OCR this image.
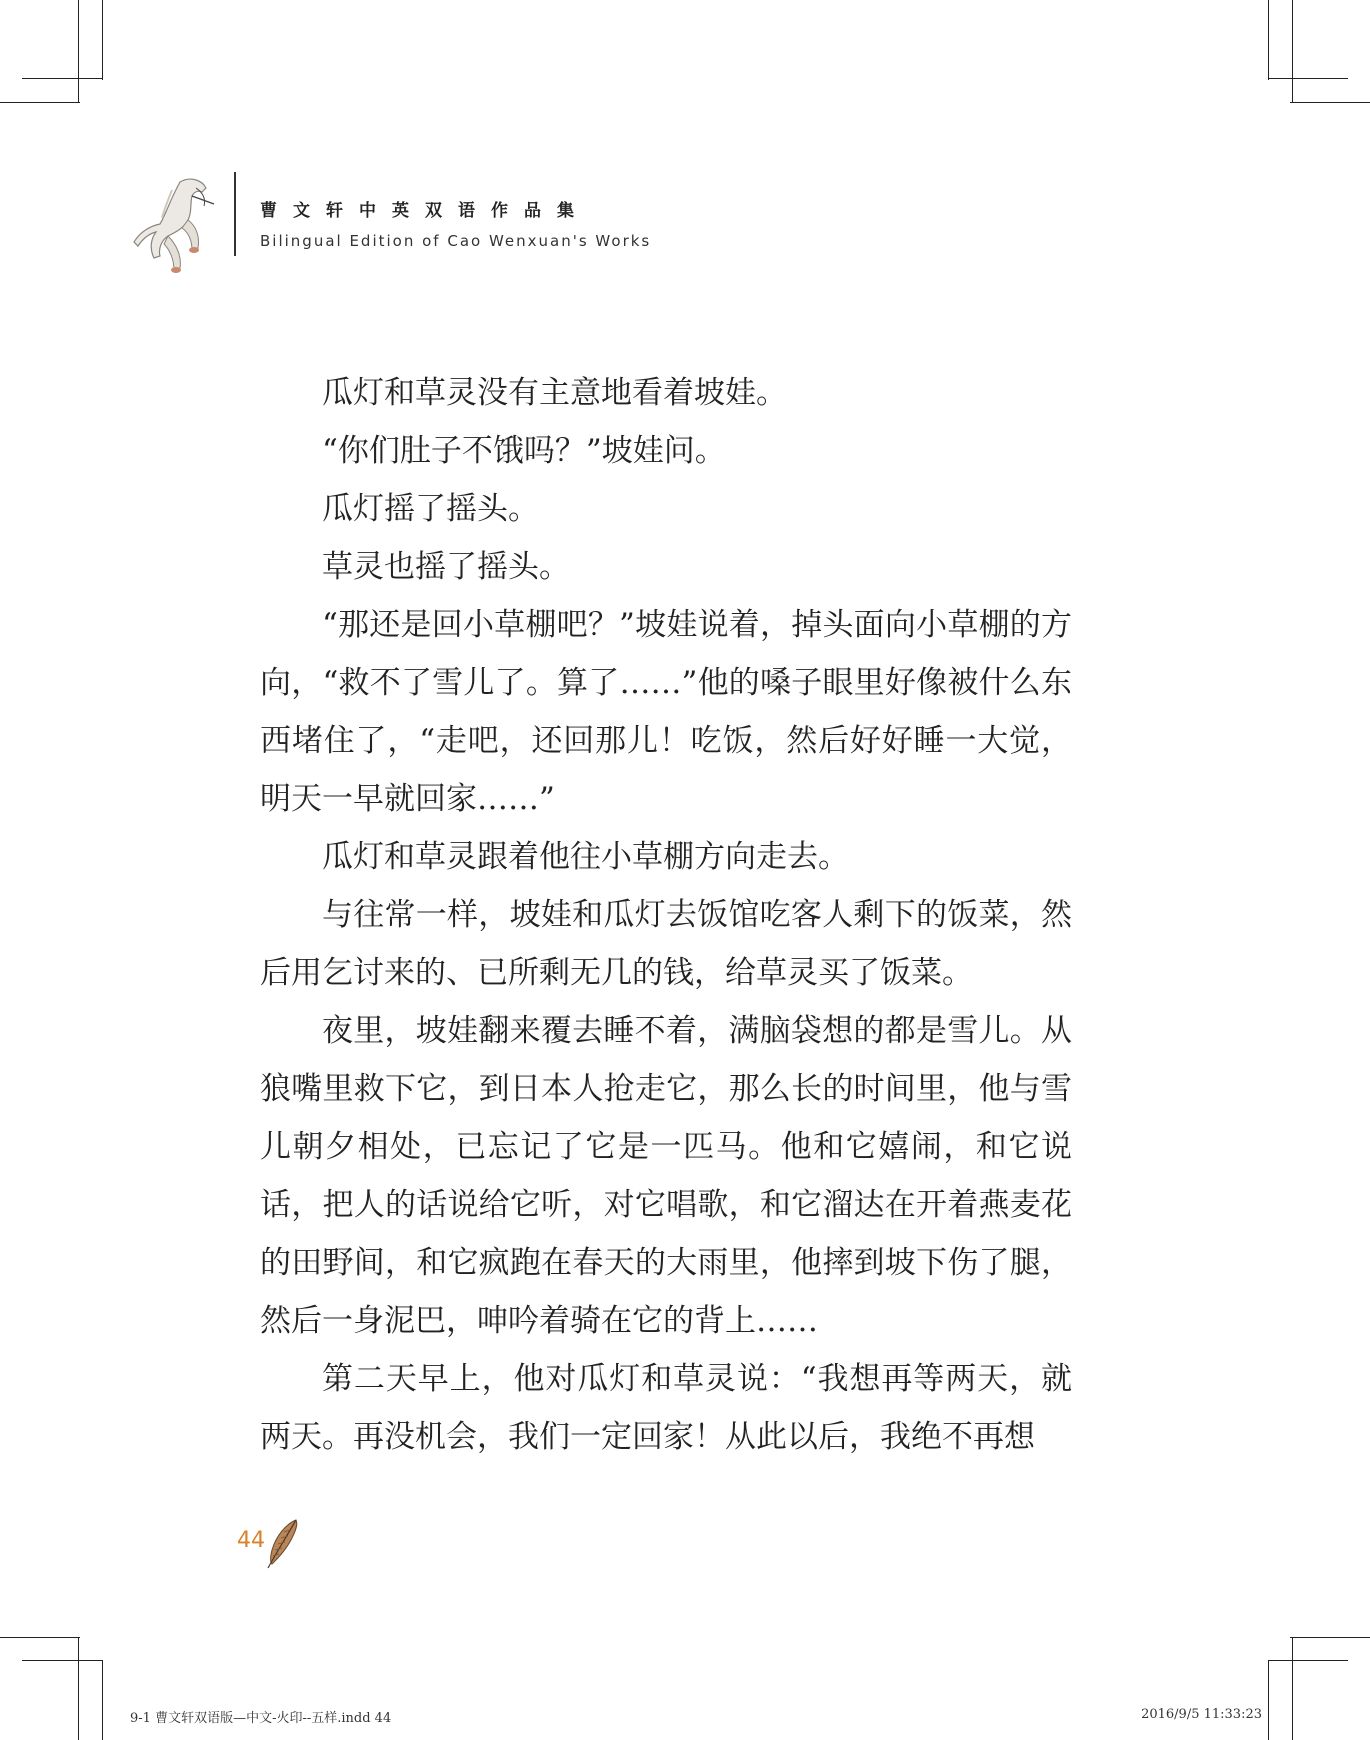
曹文轩中英双语作品集
Bilingual Edition of Cao Wenxuan's Works

瓜灯和草灵没有主意地看着坡娃。

“你们肚子不饿吗？”坡娃问。

瓜灯摇了摇头。

草灵也摇了摇头。

“那还是回小草棚吧？”坡娃说着，掉头面向小草棚的方向，“救不了雪儿了。算了……”他的嗓子眼里好像被什么东西堵住了，“走吧，还回那儿！吃饭，然后好好睡一大觉，明天一早就回家……”

瓜灯和草灵跟着他往小草棚方向走去。

与往常一样，坡娃和瓜灯去饭馆吃客人剩下的饭菜，然后用乞讨来的、已所剩无几的钱，给草灵买了饭菜。

夜里，坡娃翻来覆去睡不着，满脑袋想的都是雪儿。从狼嘴里救下它，到日本人抢走它，那么长的时间里，他与雪儿朝夕相处，已忘记了它是一匹马。他和它嬉闹，和它说话，把人的话说给它听，对它唱歌，和它溜达在开着燕麦花的田野间，和它疯跑在春天的大雨里，他摔到坡下伤了腿，然后一身泥巴，呻吟着骑在它的背上……

第二天早上，他对瓜灯和草灵说：“我想再等两天，就两天。再没机会，我们一定回家！从此以后，我绝不再想

44
9-1 曹文轩双语版—中文-火印--五样.indd 44	2016/9/5 11:33:23
